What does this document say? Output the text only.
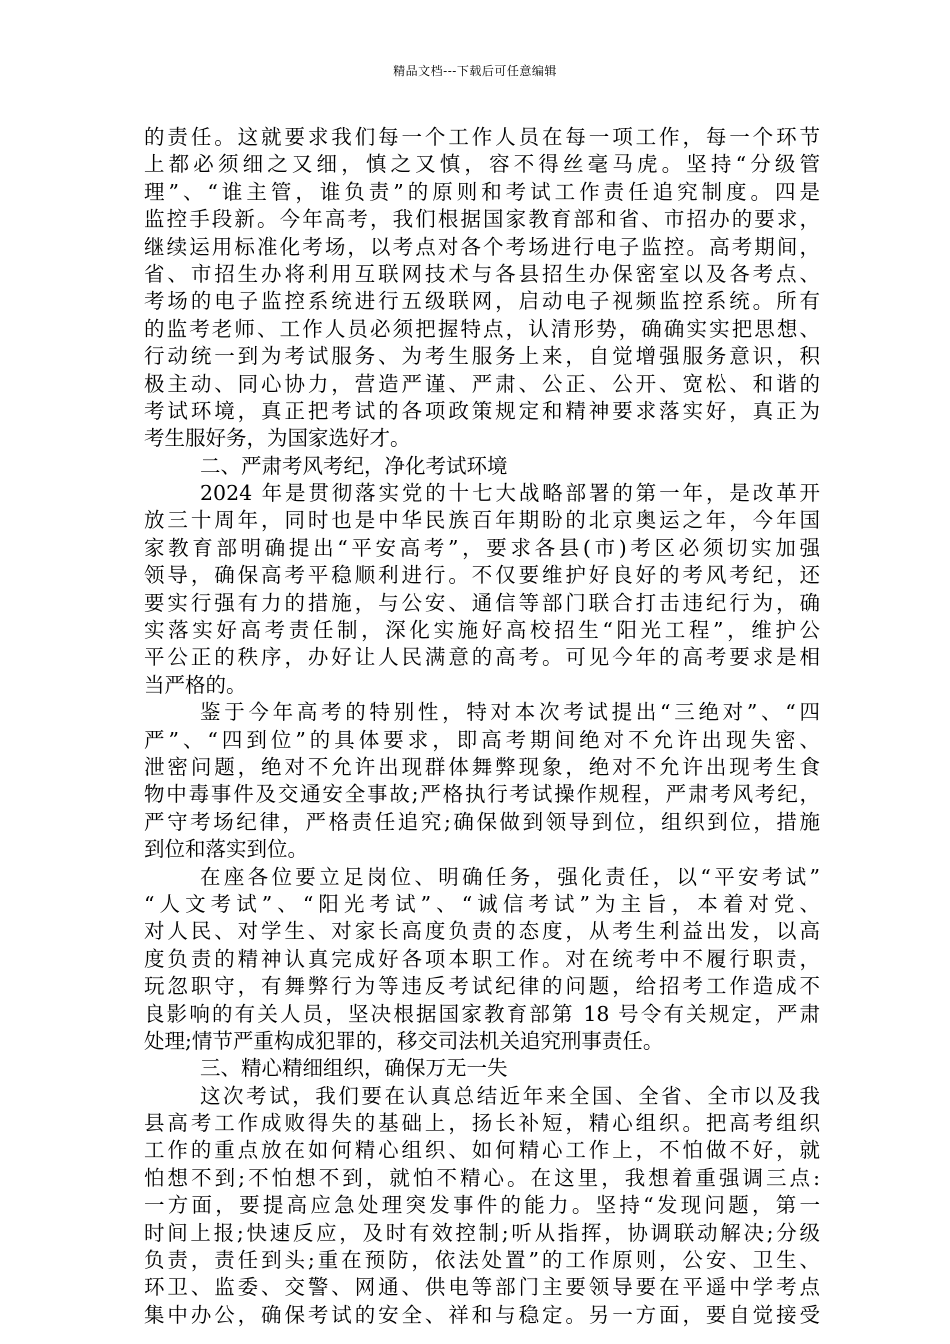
精品文档---下载后可任意编辑
的责任。这就要求我们每一个工作人员在每一项工作，每一个环节
上都必须细之又细，慎之又慎，容不得丝毫马虎。坚持“分级管
理”、“谁主管，谁负责”的原则和考试工作责任追究制度。四是
监控手段新。今年高考，我们根据国家教育部和省、市招办的要求，
继续运用标准化考场，以考点对各个考场进行电子监控。高考期间，
省、市招生办将利用互联网技术与各县招生办保密室以及各考点、
考场的电子监控系统进行五级联网，启动电子视频监控系统。所有
的监考老师、工作人员必须把握特点，认清形势，确确实实把思想、
行动统一到为考试服务、为考生服务上来，自觉增强服务意识，积
极主动、同心协力，营造严谨、严肃、公正、公开、宽松、和谐的
考试环境，真正把考试的各项政策规定和精神要求落实好，真正为
考生服好务，为国家选好才。
二、严肃考风考纪，净化考试环境
2024 年是贯彻落实党的十七大战略部署的第一年，是改革开
放三十周年，同时也是中华民族百年期盼的北京奥运之年，今年国
家教育部明确提出“平安高考”，要求各县(市)考区必须切实加强
领导，确保高考平稳顺利进行。不仅要维护好良好的考风考纪，还
要实行强有力的措施，与公安、通信等部门联合打击违纪行为，确
实落实好高考责任制，深化实施好高校招生“阳光工程”，维护公
平公正的秩序，办好让人民满意的高考。可见今年的高考要求是相
当严格的。
鉴于今年高考的特别性，特对本次考试提出“三绝对”、“四
严”、“四到位”的具体要求，即高考期间绝对不允许出现失密、
泄密问题，绝对不允许出现群体舞弊现象，绝对不允许出现考生食
物中毒事件及交通安全事故;严格执行考试操作规程，严肃考风考纪，
严守考场纪律，严格责任追究;确保做到领导到位，组织到位，措施
到位和落实到位。
在座各位要立足岗位、明确任务，强化责任，以“平安考试”
“人文考试”、“阳光考试”、“诚信考试”为主旨，本着对党、
对人民、对学生、对家长高度负责的态度，从考生利益出发，以高
度负责的精神认真完成好各项本职工作。对在统考中不履行职责，
玩忽职守，有舞弊行为等违反考试纪律的问题，给招考工作造成不
良影响的有关人员，坚决根据国家教育部第 18 号令有关规定，严肃
处理;情节严重构成犯罪的，移交司法机关追究刑事责任。
三、精心精细组织，确保万无一失
这次考试，我们要在认真总结近年来全国、全省、全市以及我
县高考工作成败得失的基础上，扬长补短，精心组织。把高考组织
工作的重点放在如何精心组织、如何精心工作上，不怕做不好，就
怕想不到;不怕想不到，就怕不精心。在这里，我想着重强调三点:
一方面，要提高应急处理突发事件的能力。坚持“发现问题，第一
时间上报;快速反应，及时有效控制;听从指挥，协调联动解决;分级
负责，责任到头;重在预防，依法处置”的工作原则，公安、卫生、
环卫、监委、交警、网通、供电等部门主要领导要在平遥中学考点
集中办公，确保考试的安全、祥和与稳定。另一方面，要自觉接受
